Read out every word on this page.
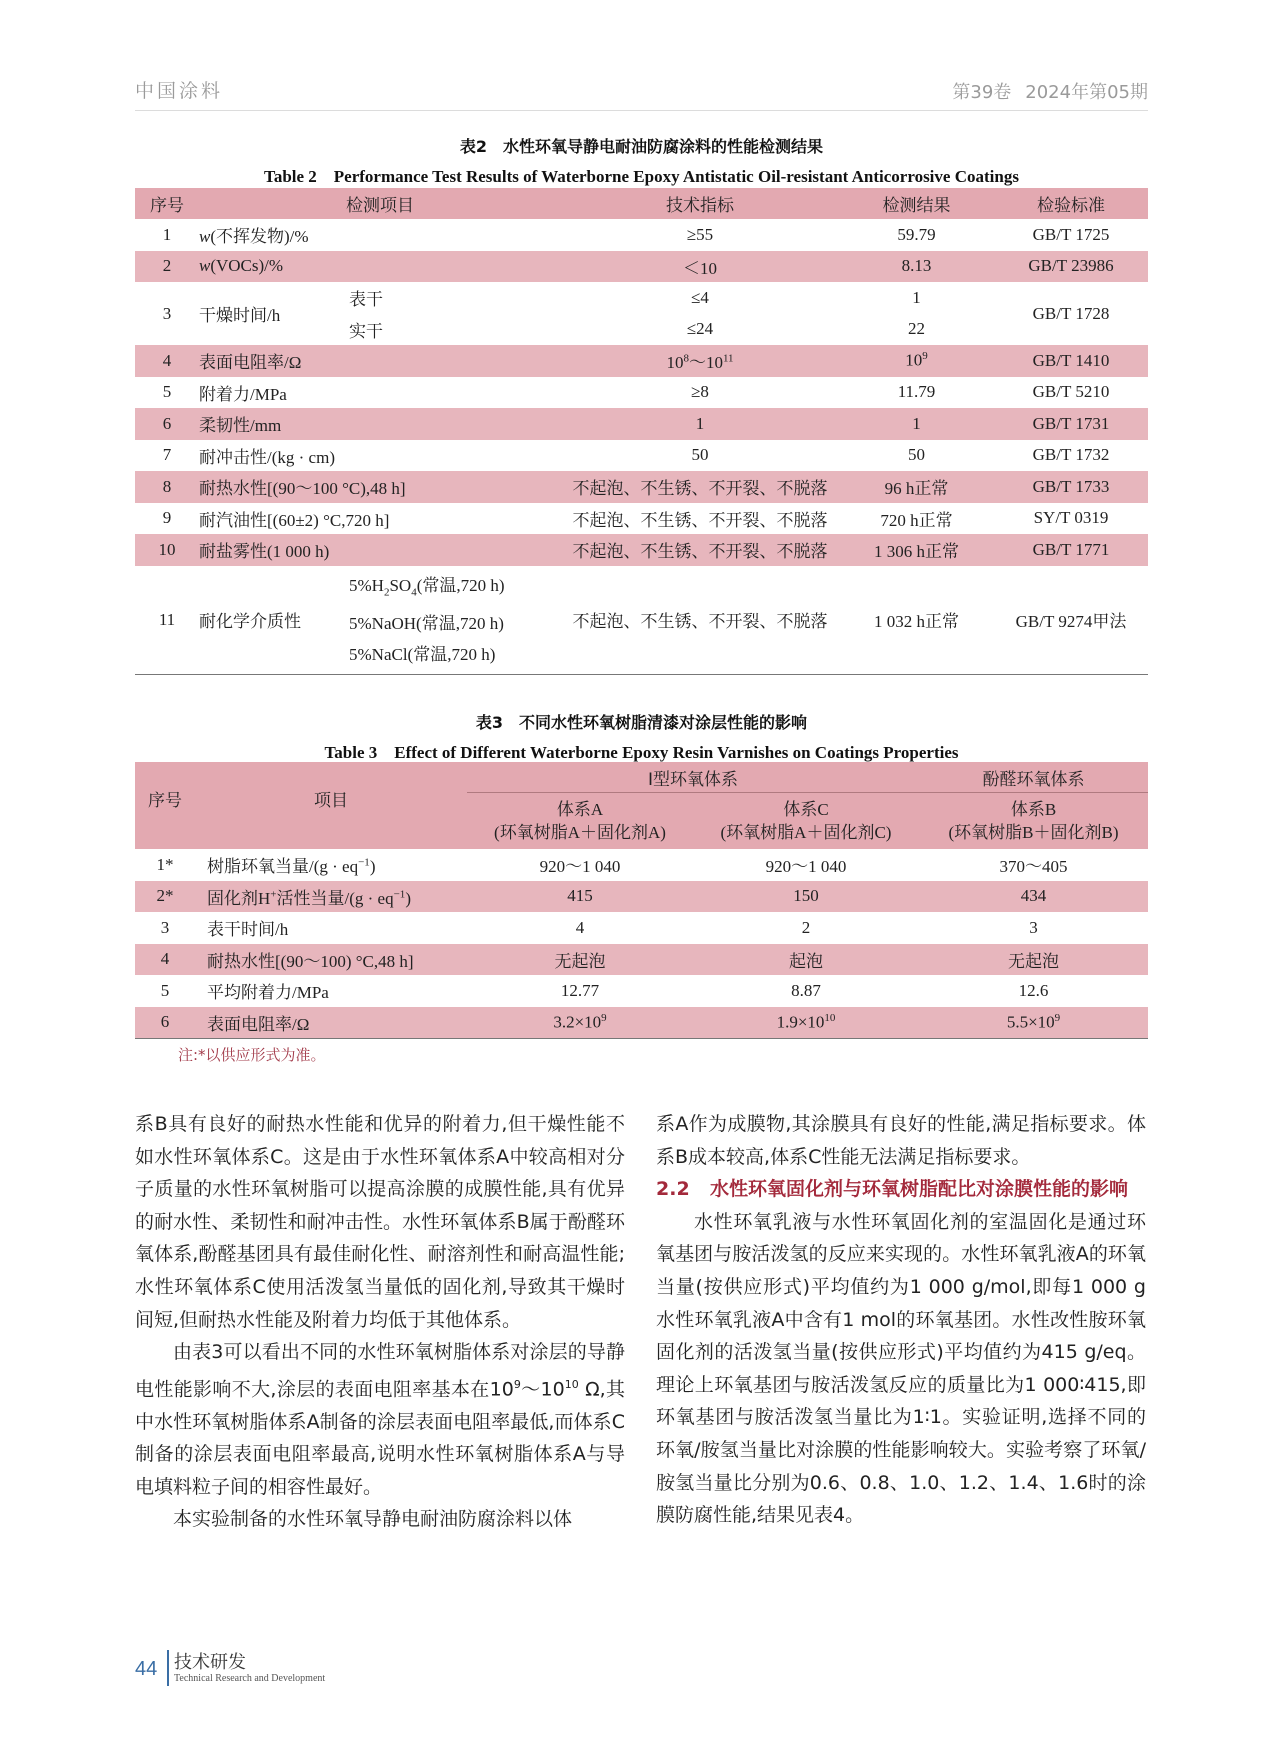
中国涂料	第39卷 2024年第05期
表2　水性环氧导静电耐油防腐涂料的性能检测结果
Table 2　Performance Test Results of Waterborne Epoxy Antistatic Oil-resistant Anticorrosive Coatings
序号	检测项目		技术指标	检测结果	检验标准
1	w(不挥发物)/%		≥55	59.79	GB/T 1725
2	w(VOCs)/%		＜10	8.13	GB/T 23986
3	干燥时间/h	表干	≤4	1	GB/T 1728
		实干	≤24	22	
4	表面电阻率/Ω		$10^8\sim 10^{11}$	$10^9$	GB/T 1410
5	附着力/MPa		≥8	11.79	GB/T 5210
6	柔韧性/mm		1	1	GB/T 1731
7	耐冲击性/(kg · cm)		50	50	GB/T 1732
8	耐热水性[(90～100 °C),48 h]		不起泡、不生锈、不开裂、不脱落	96 h正常	GB/T 1733
9	耐汽油性[(60±2) °C,720 h]		不起泡、不生锈、不开裂、不脱落	720 h正常	SY/T 0319
10	耐盐雾性(1 000 h)		不起泡、不生锈、不开裂、不脱落	1 306 h正常	GB/T 1771
11	耐化学介质性	$5\%H_2SO_4$(常温,720 h)
5%NaOH(常温,720 h)
5%NaCl(常温,720 h)	不起泡、不生锈、不开裂、不脱落	1 032 h正常	GB/T 9274甲法
表3　不同水性环氧树脂清漆对涂层性能的影响
Table 3　Effect of Different Waterborne Epoxy Resin Varnishes on Coatings Properties
序号	项目	Ⅰ型环氧体系		酚醛环氧体系

		体系A
(环氧树脂A＋固化剂A)	体系C
(环氧树脂A＋固化剂C)	体系B
(环氧树脂B＋固化剂B)

1*	树脂环氧当量$/(g \cdot eq^{-1})$	920～1 040	920～1 040	370～405
2*	固化剂H+活性当量$/(g \cdot eq^{-1})$	415	150	434
3	表干时间/h	4	2	3
4	耐热水性[(90～100) °C,48 h]	无起泡	起泡	无起泡
5	平均附着力/MPa	12.77	8.87	12.6
6	表面电阻率/Ω	$3.2\times 10^9$	$1.9\times 10^{10}$	$5.5\times 10^9$
注:*以供应形式为准。

系B具有良好的耐热水性能和优异的附着力,但干燥性能不如水性环氧体系C。这是由于水性环氧体系A中较高相对分子质量的水性环氧树脂可以提高涂膜的成膜性能,具有优异的耐水性、柔韧性和耐冲击性。水性环氧体系B属于酚醛环氧体系,酚醛基团具有最佳耐化性、耐溶剂性和耐高温性能;水性环氧体系C使用活泼氢当量低的固化剂,导致其干燥时间短,但耐热水性能及附着力均低于其他体系。

由表3可以看出不同的水性环氧树脂体系对涂层的导静电性能影响不大,涂层的表面电阻率基本在$10^9\sim 10^{10}$ Ω,其中水性环氧树脂体系A制备的涂层表面电阻率最低,而体系C制备的涂层表面电阻率最高,说明水性环氧树脂体系A与导电填料粒子间的相容性最好。

本实验制备的水性环氧导静电耐油防腐涂料以体

系A作为成膜物,其涂膜具有良好的性能,满足指标要求。体系B成本较高,体系C性能无法满足指标要求。

2.2	水性环氧固化剂与环氧树脂配比对涂膜性能的影响

水性环氧乳液与水性环氧固化剂的室温固化是通过环氧基团与胺活泼氢的反应来实现的。水性环氧乳液A的环氧当量(按供应形式)平均值约为1 000 g/mol,即每1 000 g水性环氧乳液A中含有1 mol的环氧基团。水性改性胺环氧固化剂的活泼氢当量(按供应形式)平均值约为415 g/eq。理论上环氧基团与胺活泼氢反应的质量比为1 000∶415,即环氧基团与胺活泼氢当量比为1∶1。实验证明,选择不同的环氧/胺氢当量比对涂膜的性能影响较大。实验考察了环氧/胺氢当量比分别为0.6、0.8、1.0、1.2、1.4、1.6时的涂膜防腐性能,结果见表4。

44 技术研发
Technical Research and Development
